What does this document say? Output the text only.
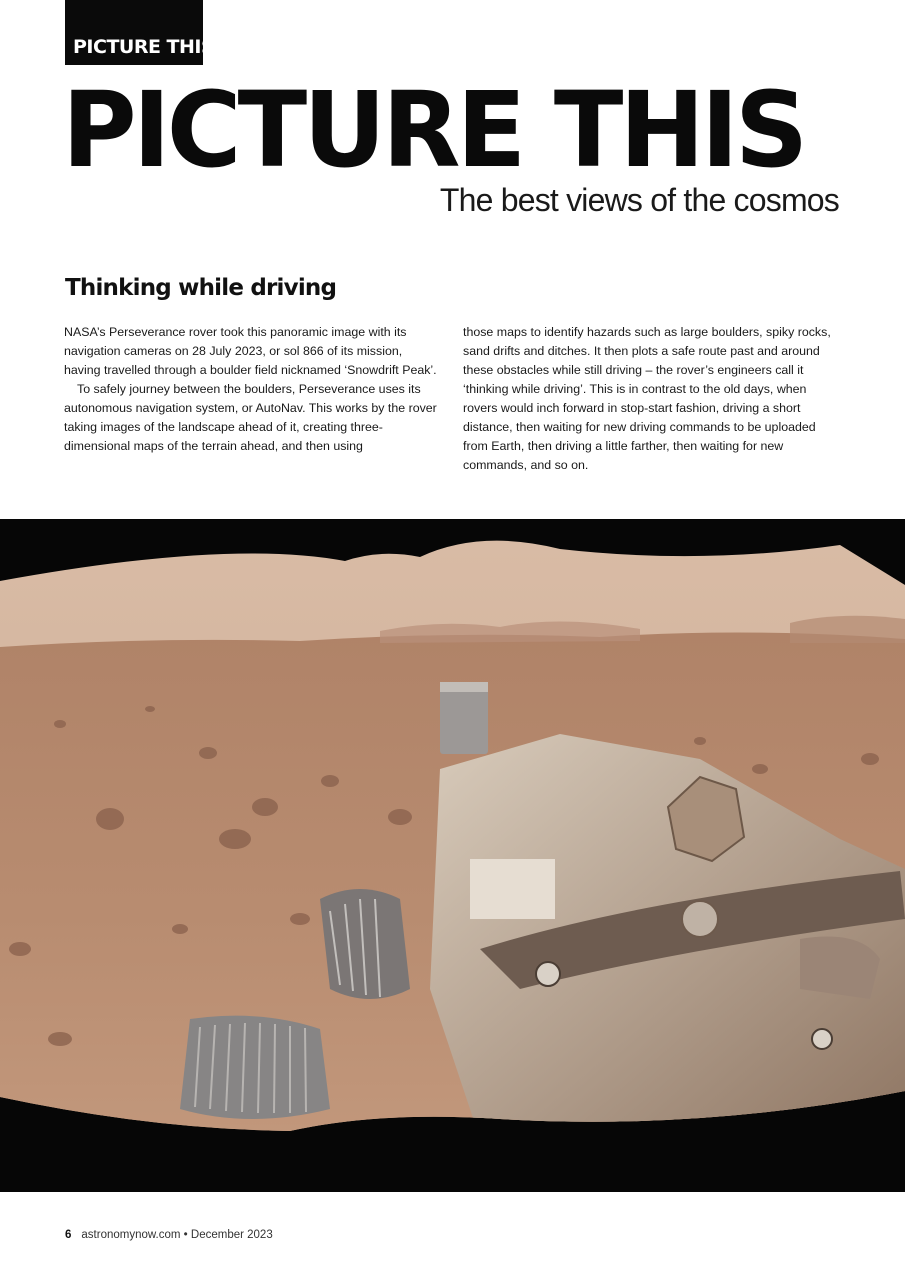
PICTURE THIS
PICTURE THIS
The best views of the cosmos
Thinking while driving

NASA’s Perseverance rover took this panoramic image with its navigation cameras on 28 July 2023, or sol 866 of its mission, having travelled through a boulder field nicknamed ‘Snowdrift Peak’.

To safely journey between the boulders, Perseverance uses its autonomous navigation system, or AutoNav. This works by the rover taking images of the landscape ahead of it, creating three-dimensional maps of the terrain ahead, and then using

those maps to identify hazards such as large boulders, spiky rocks, sand drifts and ditches. It then plots a safe route past and around these obstacles while still driving – the rover’s engineers call it ‘thinking while driving’. This is in contrast to the old days, when rovers would inch forward in stop-start fashion, driving a short distance, then waiting for new driving commands to be uploaded from Earth, then driving a little farther, then waiting for new commands, and so on.

6 astronomynow.com • December 2023
